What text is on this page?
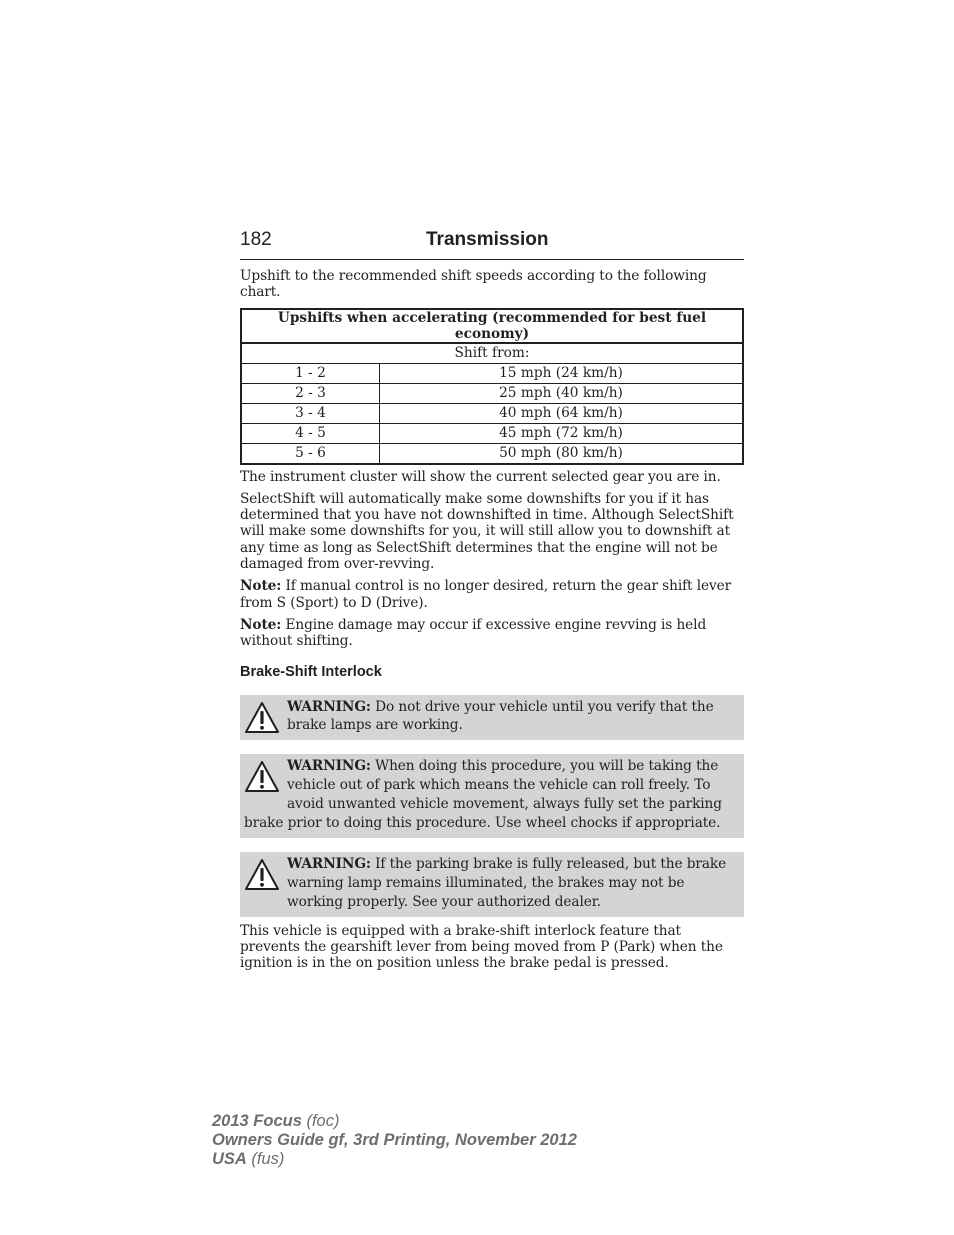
182	Transmission

Upshift to the recommended shift speeds according to the following chart.

Upshifts when accelerating (recommended for best fuel economy)	
Shift from:	
1 - 2	15 mph (24 km/h)
2 - 3	25 mph (40 km/h)
3 - 4	40 mph (64 km/h)
4 - 5	45 mph (72 km/h)
5 - 6	50 mph (80 km/h)

The instrument cluster will show the current selected gear you are in.

SelectShift will automatically make some downshifts for you if it has determined that you have not downshifted in time. Although SelectShift will make some downshifts for you, it will still allow you to downshift at any time as long as SelectShift determines that the engine will not be damaged from over-revving.

Note: If manual control is no longer desired, return the gear shift lever from S (Sport) to D (Drive).

Note: Engine damage may occur if excessive engine revving is held without shifting.

Brake-Shift Interlock
WARNING: Do not drive your vehicle until you verify that the brake lamps are working.
WARNING: When doing this procedure, you will be taking the vehicle out of park which means the vehicle can roll freely. To avoid unwanted vehicle movement, always fully set the parking brake prior to doing this procedure. Use wheel chocks if appropriate.
WARNING: If the parking brake is fully released, but the brake warning lamp remains illuminated, the brakes may not be working properly. See your authorized dealer.

This vehicle is equipped with a brake-shift interlock feature that prevents the gearshift lever from being moved from P (Park) when the ignition is in the on position unless the brake pedal is pressed.

2013 Focus (foc)
Owners Guide gf, 3rd Printing, November 2012
USA (fus)
